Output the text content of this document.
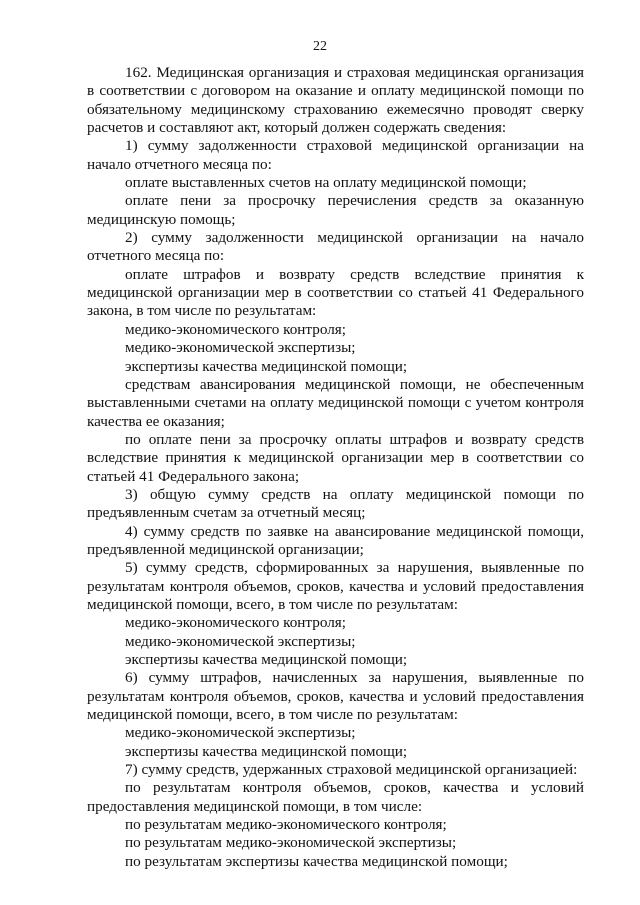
22

162. Медицинская организация и страховая медицинская организация в соответствии с договором на оказание и оплату медицинской помощи по обязательному медицинскому страхованию ежемесячно проводят сверку расчетов и составляют акт, который должен содержать сведения:

1) сумму задолженности страховой медицинской организации на начало отчетного месяца по:

оплате выставленных счетов на оплату медицинской помощи;

оплате пени за просрочку перечисления средств за оказанную медицинскую помощь;

2) сумму задолженности медицинской организации на начало отчетного месяца по:

оплате штрафов и возврату средств вследствие принятия к медицинской организации мер в соответствии со статьей 41 Федерального закона, в том числе по результатам:

медико-экономического контроля;

медико-экономической экспертизы;

экспертизы качества медицинской помощи;

средствам авансирования медицинской помощи, не обеспеченным выставленными счетами на оплату медицинской помощи с учетом контроля качества ее оказания;

по оплате пени за просрочку оплаты штрафов и возврату средств вследствие принятия к медицинской организации мер в соответствии со статьей 41 Федерального закона;

3) общую сумму средств на оплату медицинской помощи по предъявленным счетам за отчетный месяц;

4) сумму средств по заявке на авансирование медицинской помощи, предъявленной медицинской организации;

5) сумму средств, сформированных за нарушения, выявленные по результатам контроля объемов, сроков, качества и условий предоставления медицинской помощи, всего, в том числе по результатам:

медико-экономического контроля;

медико-экономической экспертизы;

экспертизы качества медицинской помощи;

6) сумму штрафов, начисленных за нарушения, выявленные по результатам контроля объемов, сроков, качества и условий предоставления медицинской помощи, всего, в том числе по результатам:

медико-экономической экспертизы;

экспертизы качества медицинской помощи;

7) сумму средств, удержанных страховой медицинской организацией:

по результатам контроля объемов, сроков, качества и условий предоставления медицинской помощи, в том числе:

по результатам медико-экономического контроля;

по результатам медико-экономической экспертизы;

по результатам экспертизы качества медицинской помощи;
